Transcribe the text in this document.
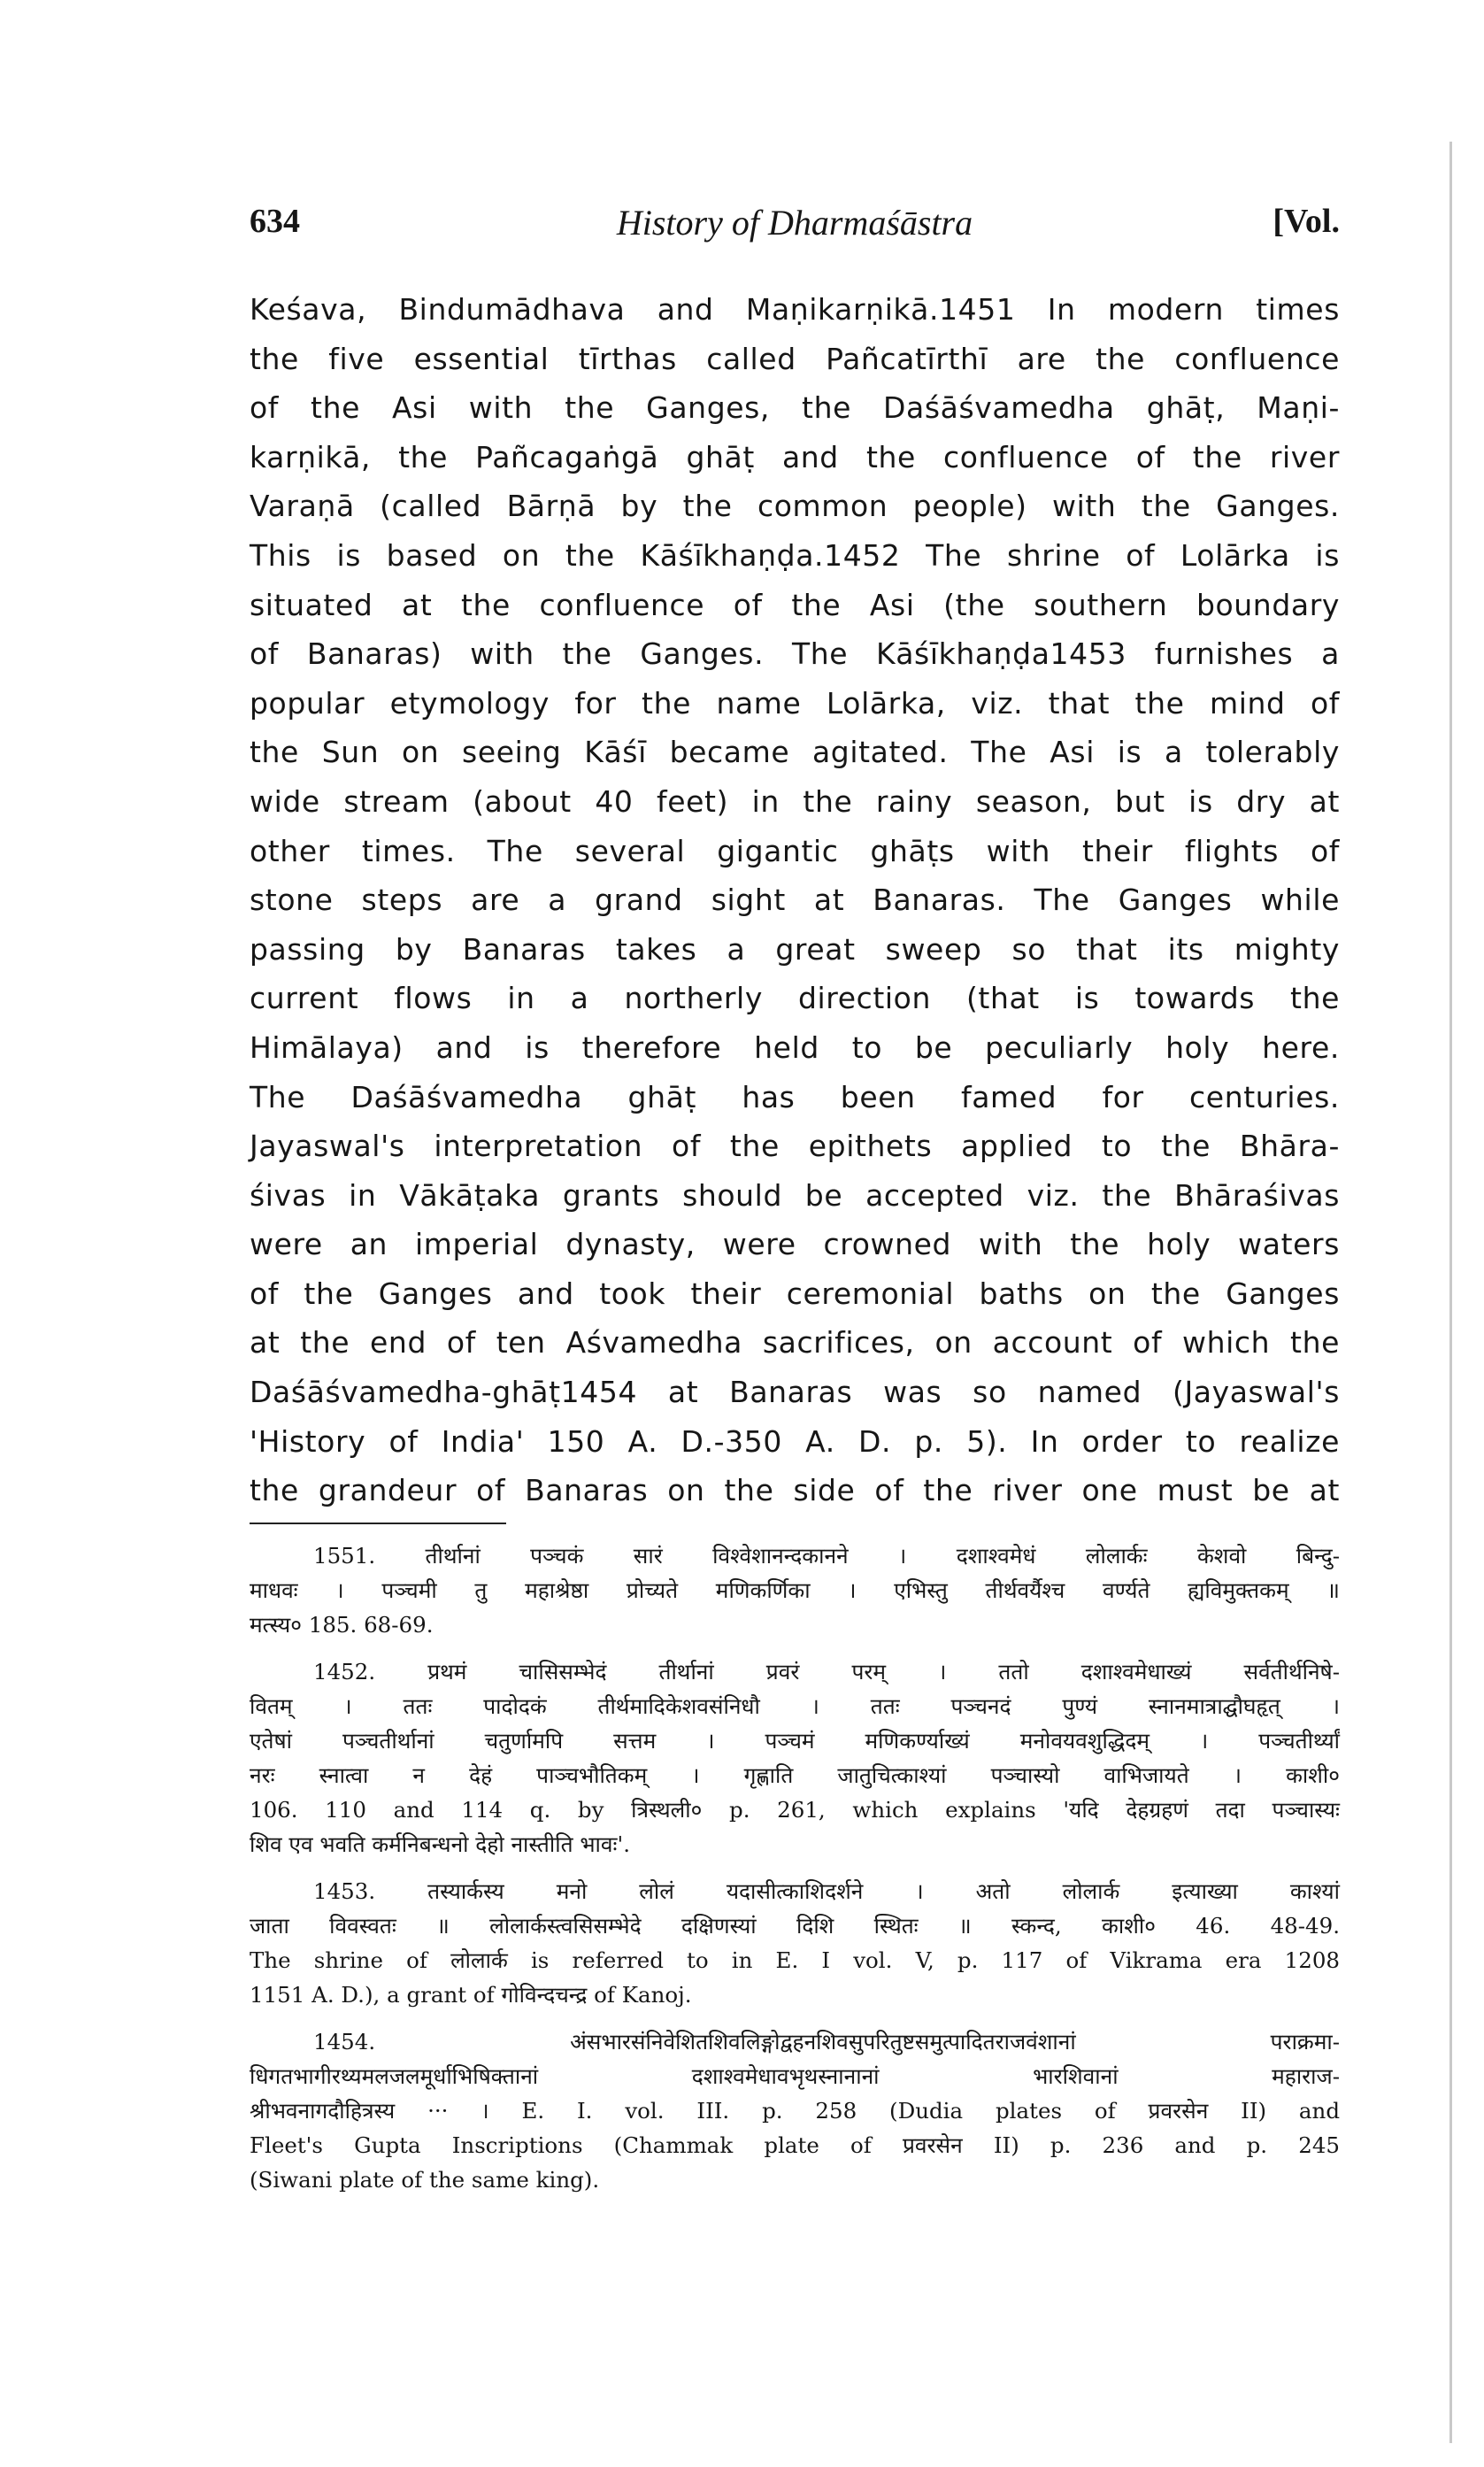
History of Dharmaśāstra
634	[Vol.
Keśava, Bindumādhava and Maṇikarṇikā.1451 In modern times
the five essential tīrthas called Pañcatīrthī are the confluence
of the Asi with the Ganges, the Daśāśvamedha ghāṭ, Maṇi-
karṇikā, the Pañcagaṅgā ghāṭ and the confluence of the river
Varaṇā (called Bārṇā by the common people) with the Ganges.
This is based on the Kāśīkhaṇḍa.1452 The shrine of Lolārka is
situated at the confluence of the Asi (the southern boundary
of Banaras) with the Ganges. The Kāśīkhaṇḍa1453 furnishes a
popular etymology for the name Lolārka, viz. that the mind of
the Sun on seeing Kāśī became agitated. The Asi is a tolerably
wide stream (about 40 feet) in the rainy season, but is dry at
other times. The several gigantic ghāṭs with their flights of
stone steps are a grand sight at Banaras. The Ganges while
passing by Banaras takes a great sweep so that its mighty
current flows in a northerly direction (that is towards the
Himālaya) and is therefore held to be peculiarly holy here.
The Daśāśvamedha ghāṭ has been famed for centuries.
Jayaswal's interpretation of the epithets applied to the Bhāra-
śivas in Vākāṭaka grants should be accepted viz. the Bhāraśivas
were an imperial dynasty, were crowned with the holy waters
of the Ganges and took their ceremonial baths on the Ganges
at the end of ten Aśvamedha sacrifices, on account of which the
Daśāśvamedha-ghāṭ1454 at Banaras was so named (Jayaswal's
'History of India' 150 A. D.-350 A. D. p. 5). In order to realize
the grandeur of Banaras on the side of the river one must be at
1551. तीर्थानां पञ्चकं सारं विश्वेशानन्दकानने । दशाश्वमेधं लोलार्कः केशवो बिन्दु-
माधवः । पञ्चमी तु महाश्रेष्ठा प्रोच्यते मणिकर्णिका । एभिस्तु तीर्थवर्यैश्च वर्ण्यते ह्यविमुक्तकम् ॥
मत्स्य० 185. 68-69.
1452. प्रथमं चासिसम्भेदं तीर्थानां प्रवरं परम् । ततो दशाश्वमेधाख्यं सर्वतीर्थनिषे-
वितम् । ततः पादोदकं तीर्थमादिकेशवसंनिधौ । ततः पञ्चनदं पुण्यं स्नानमात्राद्घौघहृत् ।
एतेषां पञ्चतीर्थानां चतुर्णामपि सत्तम । पञ्चमं मणिकर्ण्याख्यं मनोवयवशुद्धिदम् । पञ्चतीर्थ्यां
नरः स्नात्वा न देहं पाञ्चभौतिकम् । गृह्णाति जातुचित्काश्यां पञ्चास्यो वाभिजायते । काशी०
106. 110 and 114 q. by त्रिस्थली० p. 261, which explains 'यदि देहग्रहणं तदा पञ्चास्यः
शिव एव भवति कर्मनिबन्धनो देहो नास्तीति भावः'.
1453. तस्यार्कस्य मनो लोलं यदासीत्काशिदर्शने । अतो लोलार्क इत्याख्या काश्यां
जाता विवस्वतः ॥ लोलार्कस्त्वसिसम्भेदे दक्षिणस्यां दिशि स्थितः ॥ स्कन्द, काशी० 46. 48-49.
The shrine of लोलार्क is referred to in E. I vol. V, p. 117 of Vikrama era 1208
1151 A. D.), a grant of गोविन्दचन्द्र of Kanoj.
1454. अंसभारसंनिवेशितशिवलिङ्गोद्वहनशिवसुपरितुष्टसमुत्पादितराजवंशानां पराक्रमा-
धिगतभागीरथ्यमलजलमूर्धाभिषिक्तानां दशाश्वमेधावभृथस्नानानां भारशिवानां महाराज-
श्रीभवनागदौहित्रस्य ··· । E. I. vol. III. p. 258 (Dudia plates of प्रवरसेन II) and
Fleet's Gupta Inscriptions (Chammak plate of प्रवरसेन II) p. 236 and p. 245
(Siwani plate of the same king).
